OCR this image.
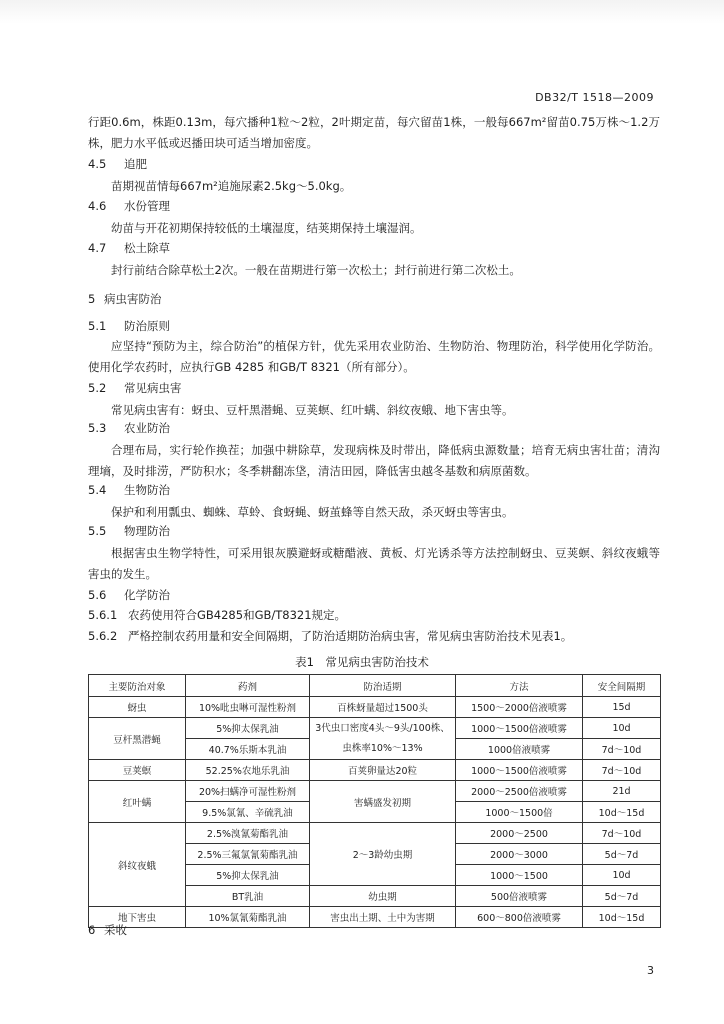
DB32/T 1518—2009

行距0.6m，株距0.13m，每穴播种1粒～2粒，2叶期定苗，每穴留苗1株，一般每667m²留苗0.75万株～1.2万株，肥力水平低或迟播田块可适当增加密度。

4.5 追肥

苗期视苗情每667m²追施尿素2.5kg～5.0kg。

4.6 水份管理

幼苗与开花初期保持较低的土壤湿度，结荚期保持土壤湿润。

4.7 松土除草

封行前结合除草松土2次。一般在苗期进行第一次松土；封行前进行第二次松土。

5 病虫害防治
5.1 防治原则

应坚持“预防为主，综合防治”的植保方针，优先采用农业防治、生物防治、物理防治，科学使用化学防治。使用化学农药时，应执行GB 4285 和GB/T 8321（所有部分）。

5.2 常见病虫害

常见病虫害有：蚜虫、豆杆黑潜蝇、豆荚螟、红叶螨、斜纹夜蛾、地下害虫等。

5.3 农业防治

合理布局，实行轮作换茬；加强中耕除草，发现病株及时带出，降低病虫源数量；培育无病虫害壮苗；清沟理墒，及时排涝，严防积水；冬季耕翻冻垡，清洁田园，降低害虫越冬基数和病原菌数。

5.4 生物防治

保护和利用瓢虫、蜘蛛、草蛉、食蚜蝇、蚜茧蜂等自然天敌，杀灭蚜虫等害虫。

5.5 物理防治

根据害虫生物学特性，可采用银灰膜避蚜或糖醋液、黄板、灯光诱杀等方法控制蚜虫、豆荚螟、斜纹夜蛾等害虫的发生。

5.6 化学防治
5.6.1 农药使用符合GB4285和GB/T8321规定。
5.6.2 严格控制农药用量和安全间隔期，了防治适期防治病虫害，常见病虫害防治技术见表1。
表1　常见病虫害防治技术
主要防治对象	药剂	防治适期	方法	安全间隔期
蚜虫	10%吡虫啉可湿性粉剂	百株蚜量超过1500头	1500～2000倍液喷雾	15d
豆杆黑潜蝇	5%抑太保乳油	3代虫口密度4头～9头/100株、虫株率10%～13%	1000～1500倍液喷雾	10d
	40.7%乐斯本乳油		1000倍液喷雾	7d～10d
豆荚螟	52.25%农地乐乳油	百荚卵量达20粒	1000～1500倍液喷雾	7d～10d
红叶螨	20%扫螨净可湿性粉剂	害螨盛发初期	2000～2500倍液喷雾	21d
	9.5%氯氰、辛硫乳油		1000～1500倍	10d～15d
斜纹夜蛾	2.5%溴氰菊酯乳油	2～3龄幼虫期	2000～2500	7d～10d
	2.5%三氟氯氰菊酯乳油		2000～3000	5d～7d
	5%抑太保乳油		1000～1500	10d
	BT乳油	幼虫期	500倍液喷雾	5d～7d
地下害虫	10%氯氰菊酯乳油	害虫出土期、土中为害期	600～800倍液喷雾	10d～15d
6 采收
3
